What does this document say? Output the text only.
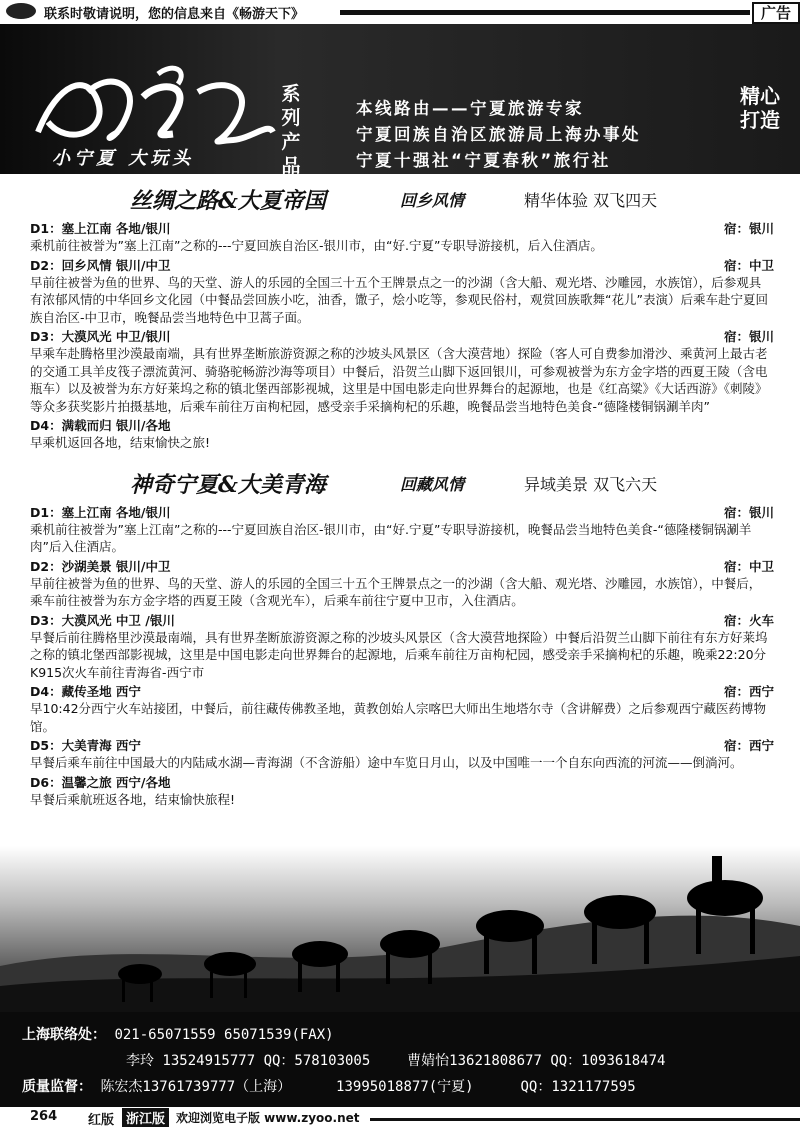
联系时敬请说明，您的信息来自《畅游天下》	广告
小宁夏 大玩头
系列产品
本线路由——宁夏旅游专家
宁夏回族自治区旅游局上海办事处
宁夏十强社“宁夏春秋”旅行社
精心打造
丝绸之路&大夏帝国	回乡风情	精华体验 双飞四天
D1：塞上江南 各地/银川	宿：银川
乘机前往被誉为”塞上江南”之称的---宁夏回族自治区-银川市，由“好.宁夏”专职导游接机，后入住酒店。
D2：回乡风情 银川/中卫	宿：中卫
早前往被誉为鱼的世界、鸟的天堂、游人的乐园的全国三十五个王牌景点之一的沙湖（含大船、观光塔、沙雕园，水族馆），后参观具有浓郁风情的中华回乡文化园（中餐品尝回族小吃，油香，馓子，烩小吃等，参观民俗村，观赏回族歌舞“花儿”表演）后乘车赴宁夏回族自治区-中卫市，晚餐品尝当地特色中卫蒿子面。
D3：大漠风光 中卫/银川	宿：银川
早乘车赴腾格里沙漠最南端，具有世界垄断旅游资源之称的沙坡头风景区（含大漠营地）探险（客人可自费参加滑沙、乘黄河上最古老的交通工具羊皮筏子漂流黄河、骑骆驼畅游沙海等项目）中餐后，沿贺兰山脚下返回银川，可参观被誉为东方金字塔的西夏王陵（含电瓶车）以及被誉为东方好莱坞之称的镇北堡西部影视城，这里是中国电影走向世界舞台的起源地，也是《红高粱》《大话西游》《刺陵》等众多获奖影片拍摄基地，后乘车前往万亩枸杞园，感受亲手采摘枸杞的乐趣，晚餐品尝当地特色美食-“德隆楼铜锅涮羊肉”
D4：满载而归 银川/各地
早乘机返回各地，结束愉快之旅!
神奇宁夏&大美青海	回藏风情	异域美景 双飞六天
D1：塞上江南 各地/银川	宿：银川
乘机前往被誉为”塞上江南”之称的---宁夏回族自治区-银川市，由“好.宁夏”专职导游接机，晚餐品尝当地特色美食-“德隆楼铜锅涮羊肉”后入住酒店。
D2：沙湖美景 银川/中卫	宿：中卫
早前往被誉为鱼的世界、鸟的天堂、游人的乐园的全国三十五个王牌景点之一的沙湖（含大船、观光塔、沙雕园，水族馆），中餐后，乘车前往被誉为东方金字塔的西夏王陵（含观光车），后乘车前往宁夏中卫市，入住酒店。
D3：大漠风光 中卫 /银川	宿：火车
早餐后前往腾格里沙漠最南端，具有世界垄断旅游资源之称的沙坡头风景区（含大漠营地探险）中餐后沿贺兰山脚下前往有东方好莱坞之称的镇北堡西部影视城，这里是中国电影走向世界舞台的起源地，后乘车前往万亩枸杞园，感受亲手采摘枸杞的乐趣，晚乘22:20分K915次火车前往青海省-西宁市
D4：藏传圣地 西宁	宿：西宁
早10:42分西宁火车站接团，中餐后，前往藏传佛教圣地，黄教创始人宗喀巴大师出生地塔尔寺（含讲解费）之后参观西宁藏医药博物馆。
D5：大美青海 西宁	宿：西宁
早餐后乘车前往中国最大的内陆咸水湖—青海湖（不含游船）途中车览日月山，以及中国唯一一个自东向西流的河流——倒淌河。
D6：温馨之旅 西宁/各地
早餐后乘航班返各地，结束愉快旅程!
上海联络处： 021-65071559 65071539(FAX)
李玲 13524915777 QQ：578103005	曹婧怡13621808677 QQ：1093618474
质量监督： 陈宏杰13761739777（上海）	13995018877(宁夏)	QQ：1321177595
264 红版 浙江版 欢迎浏览电子版 www.zyoo.net
